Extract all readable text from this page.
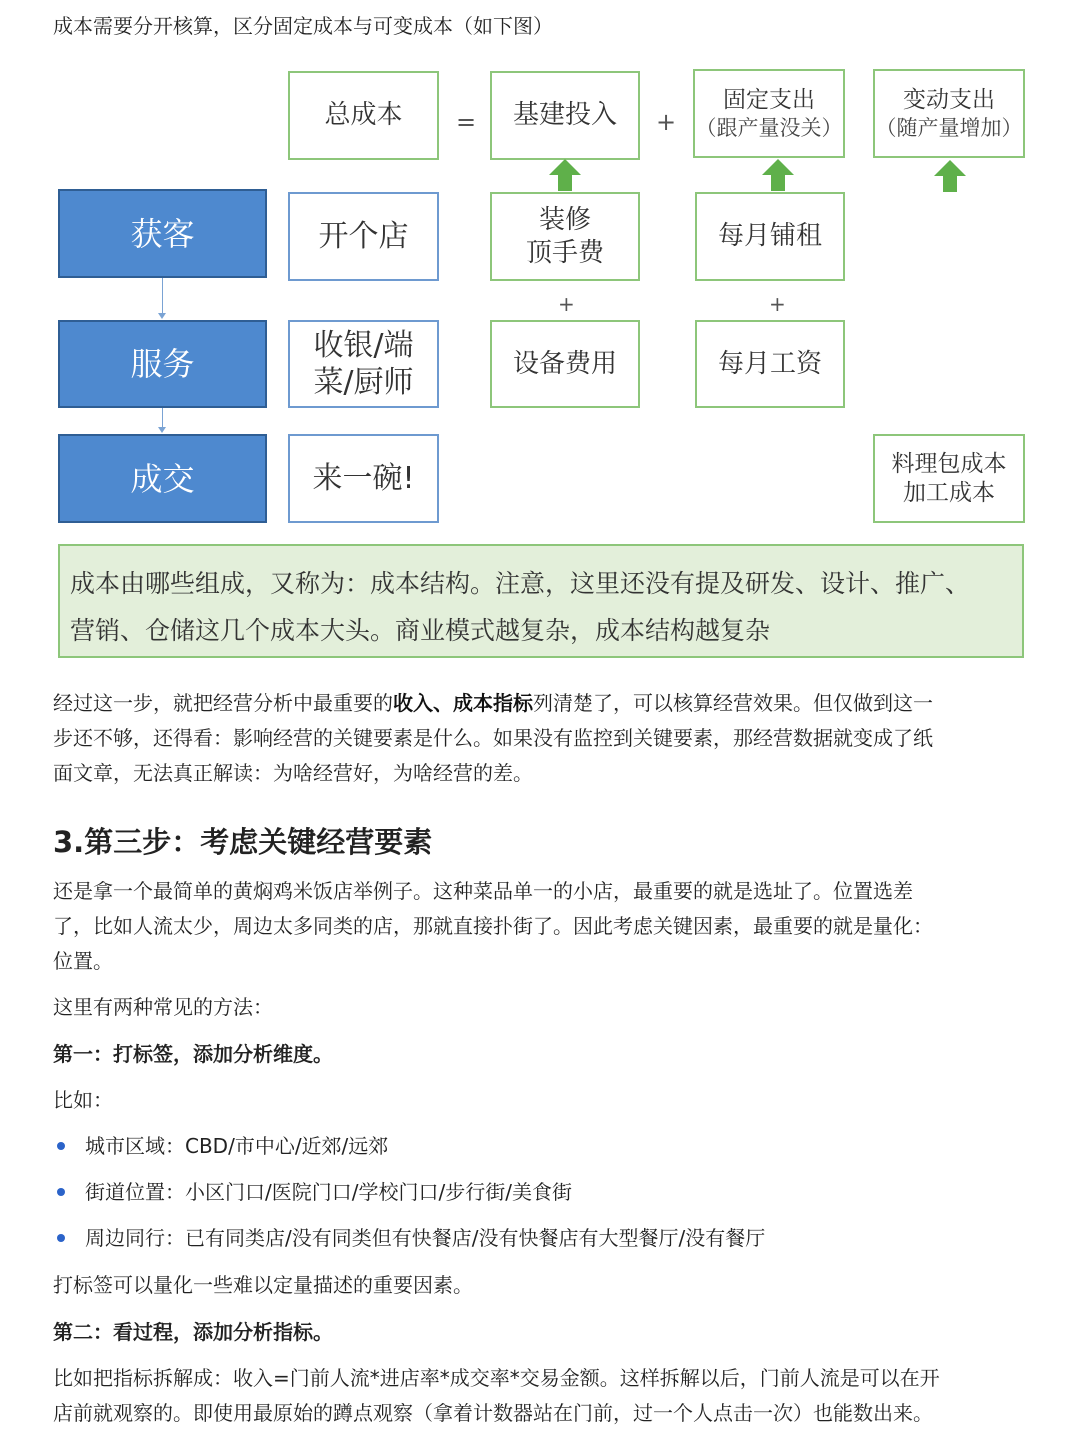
成本需要分开核算，区分固定成本与可变成本（如下图）
总成本 = 基建投入 +
固定支出
（跟产量没关）
变动支出
（随产量增加）
获客
服务
成交
开个店
收银/端
菜/厨师
来一碗!
装修
顶手费
+
设备费用
每月铺租
+
每月工资
料理包成本
加工成本
成本由哪些组成，又称为：成本结构。注意，这里还没有提及研发、设计、推广、
营销、仓储这几个成本大头。商业模式越复杂，成本结构越复杂
经过这一步，就把经营分析中最重要的收入、成本指标列清楚了，可以核算经营效果。但仅做到这一
步还不够，还得看：影响经营的关键要素是什么。如果没有监控到关键要素，那经营数据就变成了纸
面文章，无法真正解读：为啥经营好，为啥经营的差。
3.第三步：考虑关键经营要素
还是拿一个最简单的黄焖鸡米饭店举例子。这种菜品单一的小店，最重要的就是选址了。位置选差
了，比如人流太少，周边太多同类的店，那就直接扑街了。因此考虑关键因素，最重要的就是量化：
位置。
这里有两种常见的方法：
第一：打标签，添加分析维度。
比如：
城市区域：CBD/市中心/近郊/远郊
街道位置：小区门口/医院门口/学校门口/步行街/美食街
周边同行：已有同类店/没有同类但有快餐店/没有快餐店有大型餐厅/没有餐厅
打标签可以量化一些难以定量描述的重要因素。
第二：看过程，添加分析指标。
比如把指标拆解成：收入=门前人流*进店率*成交率*交易金额。这样拆解以后，门前人流是可以在开
店前就观察的。即使用最原始的蹲点观察（拿着计数器站在门前，过一个人点击一次）也能数出来。
